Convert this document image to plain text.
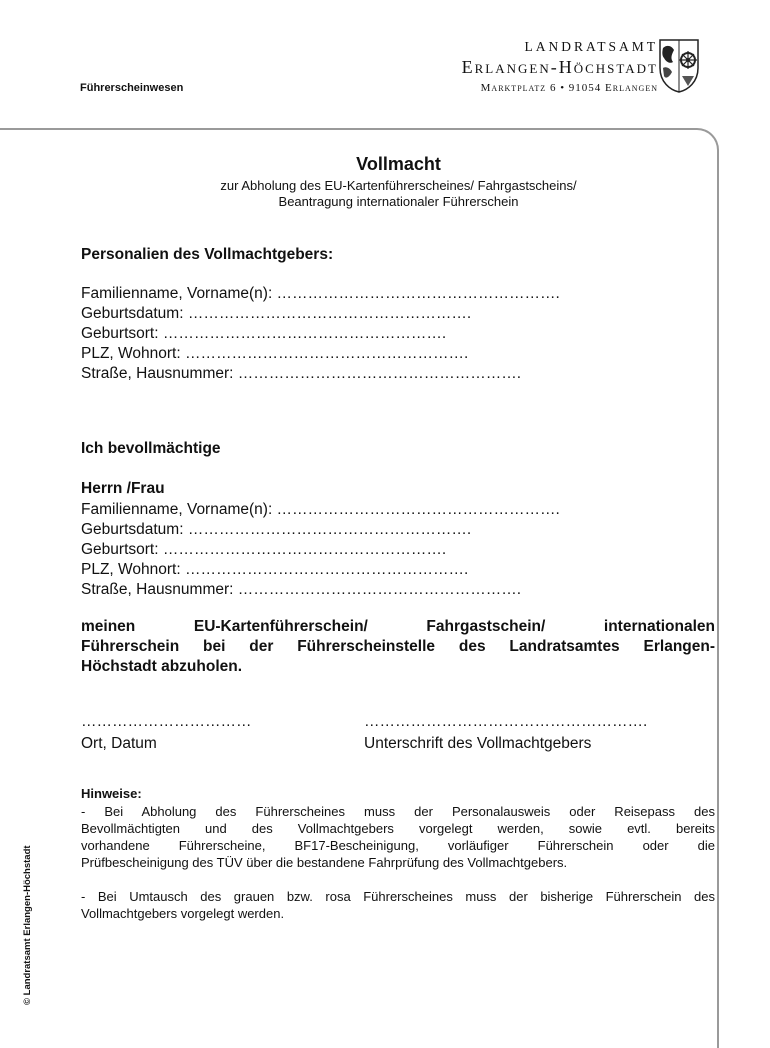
Führerscheinwesen
LANDRATSAMT
Erlangen-Höchstadt
Marktplatz 6 • 91054 Erlangen
Vollmacht
zur Abholung des EU-Kartenführerscheines/ Fahrgastscheins/
Beantragung internationaler Führerschein
Personalien des Vollmachtgebers:
Familienname, Vorname(n): ……………………………………………….
Geburtsdatum: ……………………………………………….
Geburtsort: ……………………………………………….
PLZ, Wohnort: ……………………………………………….
Straße, Hausnummer: ……………………………………………….
Ich bevollmächtige
Herrn /Frau
Familienname, Vorname(n): ……………………………………………….
Geburtsdatum: ……………………………………………….
Geburtsort: ……………………………………………….
PLZ, Wohnort: ……………………………………………….
Straße, Hausnummer: ……………………………………………….
meinen EU-Kartenführerschein/ Fahrgastschein/ internationalen
Führerschein bei der Führerscheinstelle des Landratsamtes Erlangen-
Höchstadt abzuholen.
……………………………
Ort, Datum
……………………………………………….
Unterschrift des Vollmachtgebers
Hinweise:
- Bei Abholung des Führerscheines muss der Personalausweis oder Reisepass des
Bevollmächtigten und des Vollmachtgebers vorgelegt werden, sowie evtl. bereits
vorhandene Führerscheine, BF17-Bescheinigung, vorläufiger Führerschein oder die
Prüfbescheinigung des TÜV über die bestandene Fahrprüfung des Vollmachtgebers.
- Bei Umtausch des grauen bzw. rosa Führerscheines muss der bisherige Führerschein des
Vollmachtgebers vorgelegt werden.
© Landratsamt Erlangen-Höchstadt
